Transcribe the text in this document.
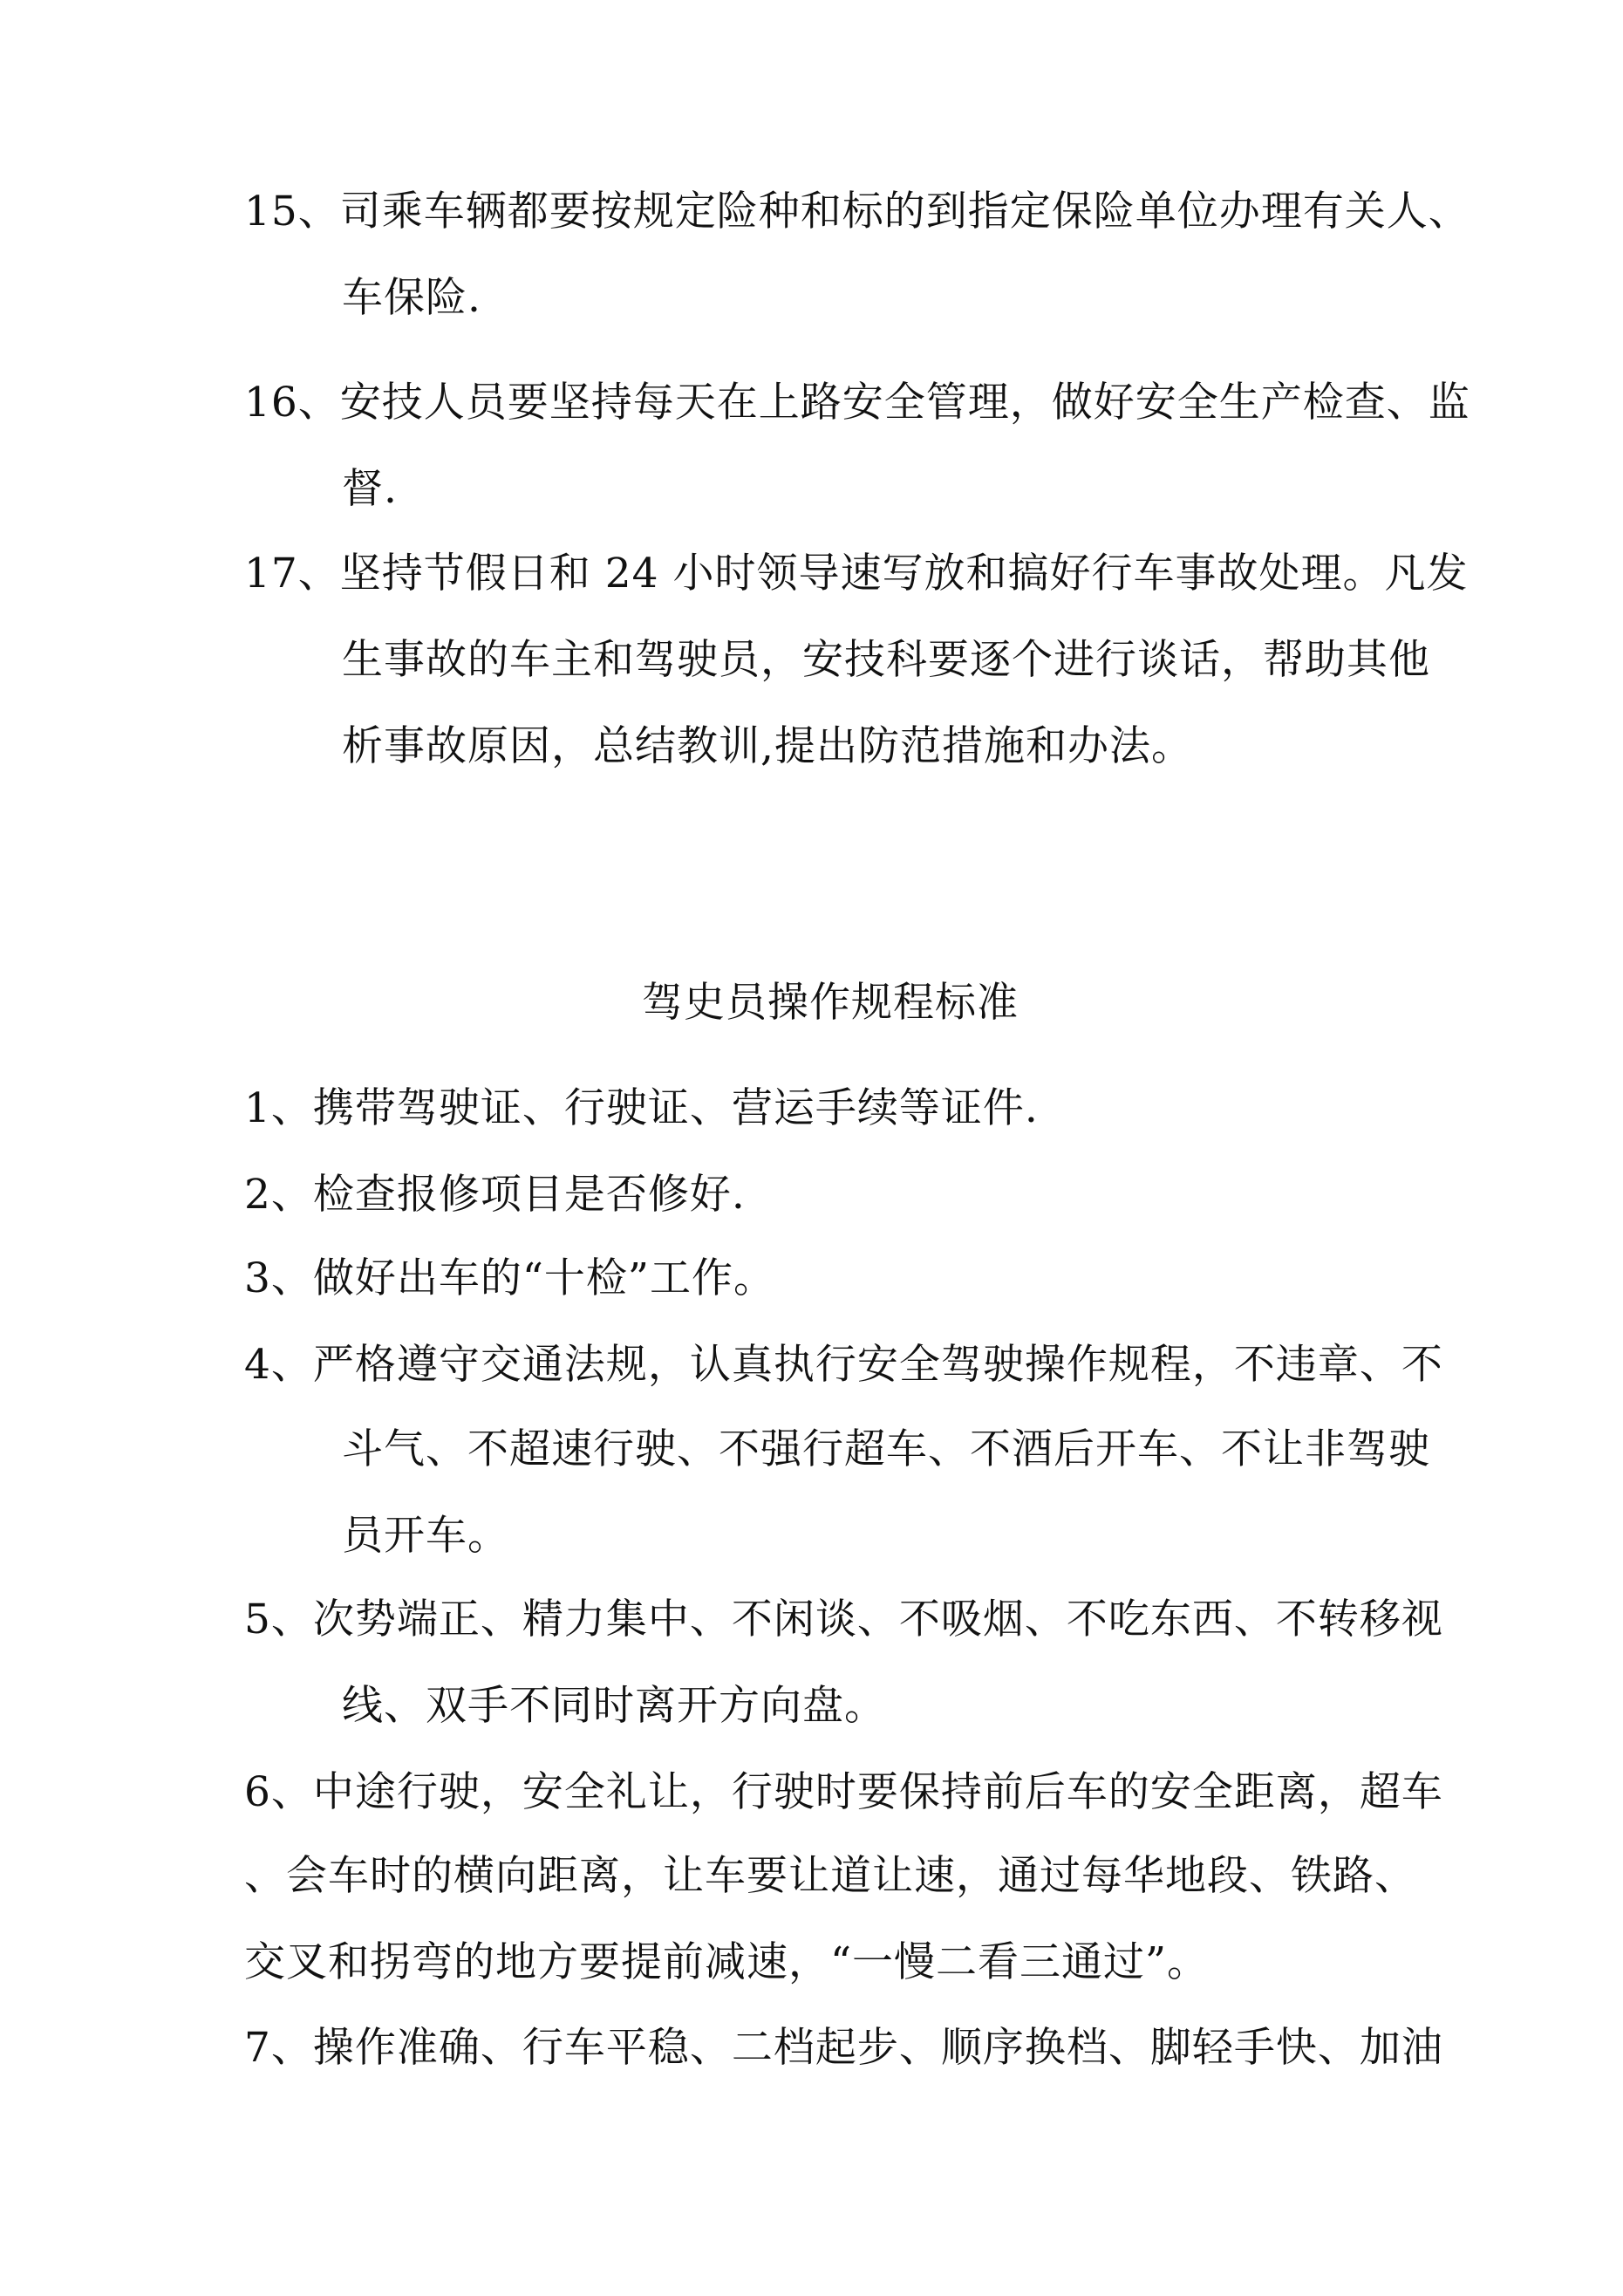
15、司乘车辆都要按规定险种和标的到指定保险单位办理有关人、
车保险.
16、安技人员要坚持每天在上路安全管理，做好安全生产检查、监
督.
17、坚持节假日和 24 小时领导速写放和搞好行车事故处理。凡发
生事故的车主和驾驶员，安技科要逐个进行谈话，帮助其他
析事故原因，总结教训,提出防范措施和办法。
驾史员操作规程标准
1、携带驾驶证、行驶证、营运手续等证件.
2、检查报修项目是否修好.
3、做好出车的“十检”工作。
4、严格遵守交通法规，认真执行安全驾驶操作规程，不违章、不
斗气、不超速行驶、不强行超车、不酒后开车、不让非驾驶
员开车。
5、次势端正、精力集中、不闲谈、不吸烟、不吃东西、不转移视
线、双手不同时离开方向盘。
6、中途行驶，安全礼让，行驶时要保持前后车的安全距离，超车
、会车时的横向距离，让车要让道让速，通过每华地段、铁路、
交叉和拐弯的地方要提前减速，“一慢二看三通过”。
7、操作准确、行车平稳、二档起步、顺序换档、脚轻手快、加油
